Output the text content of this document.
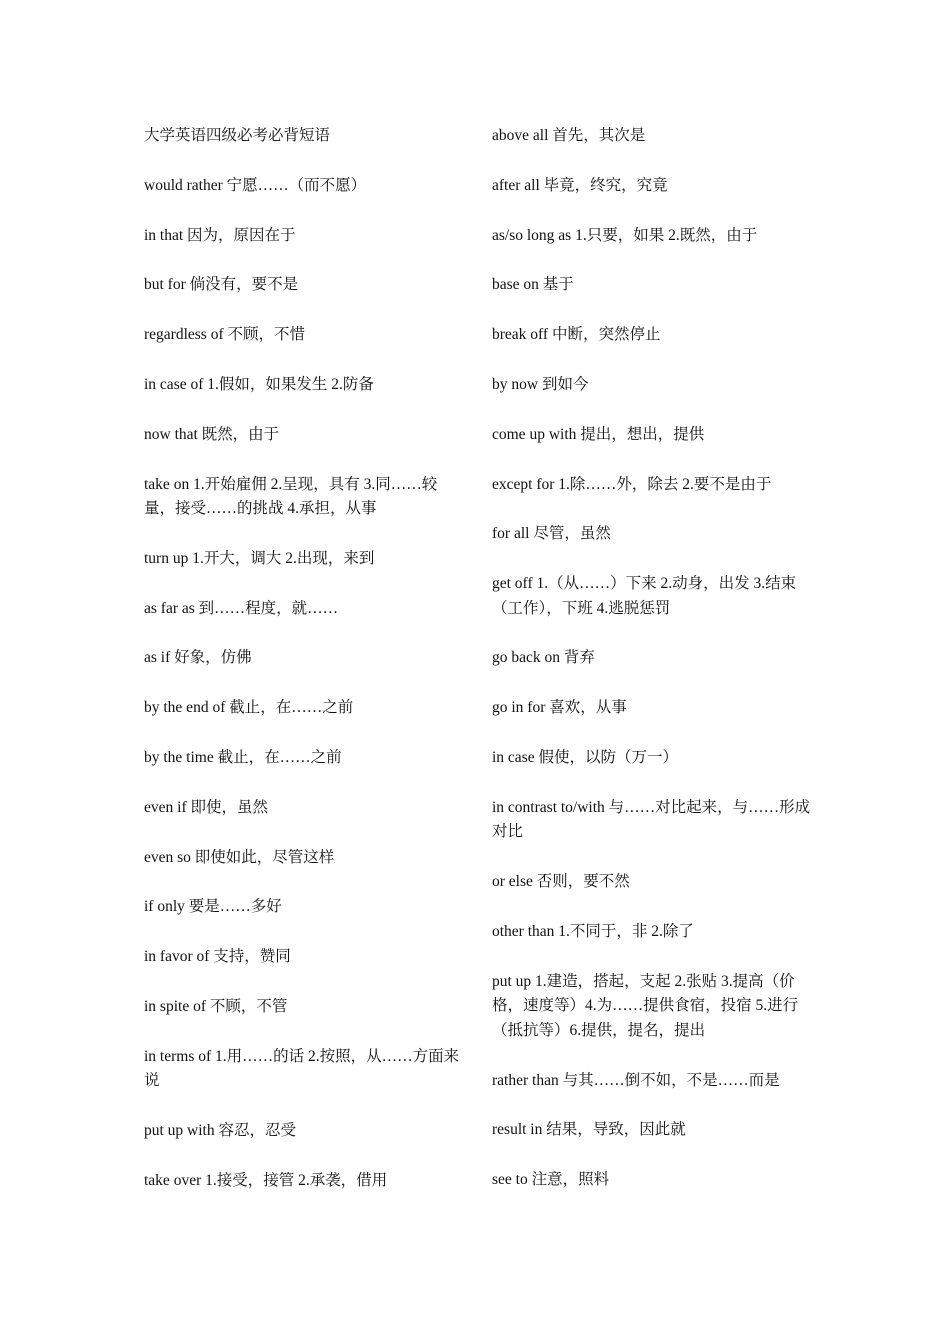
大学英语四级必考必背短语
would rather 宁愿……（而不愿）
in that 因为，原因在于
but for 倘没有，要不是
regardless of 不顾，不惜
in case of 1.假如，如果发生 2.防备
now that 既然，由于
take on 1.开始雇佣 2.呈现，具有 3.同……较量，接受……的挑战 4.承担，从事
turn up 1.开大，调大 2.出现，来到
as far as 到……程度，就……
as if 好象，仿佛
by the end of 截止，在……之前
by the time 截止，在……之前
even if 即使，虽然
even so 即使如此，尽管这样
if only 要是……多好
in favor of 支持，赞同
in spite of 不顾，不管
in terms of 1.用……的话 2.按照，从……方面来说
put up with 容忍，忍受
take over 1.接受，接管 2.承袭，借用
above all 首先，其次是
after all 毕竟，终究，究竟
as/so long as 1.只要，如果 2.既然，由于
base on 基于
break off 中断，突然停止
by now 到如今
come up with 提出，想出，提供
except for 1.除……外，除去 2.要不是由于
for all 尽管，虽然
get off 1.（从……）下来 2.动身，出发 3.结束（工作），下班 4.逃脱惩罚
go back on 背弃
go in for 喜欢，从事
in case 假使，以防（万一）
in contrast to/with 与……对比起来，与……形成对比
or else 否则，要不然
other than 1.不同于，非 2.除了
put up 1.建造，搭起，支起 2.张贴 3.提高（价格，速度等）4.为……提供食宿，投宿 5.进行（抵抗等）6.提供，提名，提出
rather than 与其……倒不如，不是……而是
result in 结果，导致，因此就
see to 注意，照料
